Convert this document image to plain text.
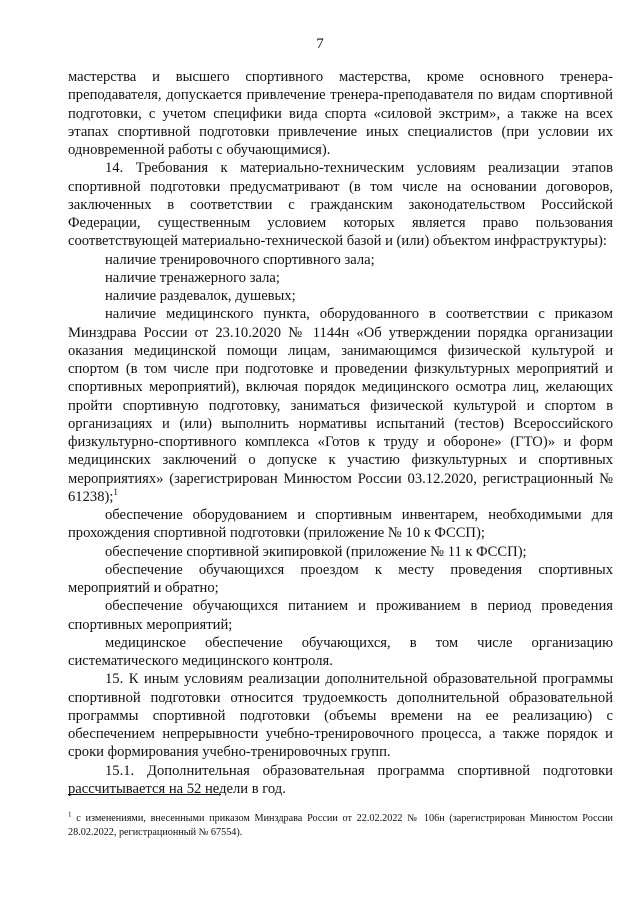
7

мастерства и высшего спортивного мастерства, кроме основного тренера-преподавателя, допускается привлечение тренера-преподавателя по видам спортивной подготовки, с учетом специфики вида спорта «силовой экстрим», а также на всех этапах спортивной подготовки привлечение иных специалистов (при условии их одновременной работы с обучающимися).

14. Требования к материально-техническим условиям реализации этапов спортивной подготовки предусматривают (в том числе на основании договоров, заключенных в соответствии с гражданским законодательством Российской Федерации, существенным условием которых является право пользования соответствующей материально-технической базой и (или) объектом инфраструктуры):

наличие тренировочного спортивного зала;

наличие тренажерного зала;

наличие раздевалок, душевых;

наличие медицинского пункта, оборудованного в соответствии с приказом Минздрава России от 23.10.2020 № 1144н «Об утверждении порядка организации оказания медицинской помощи лицам, занимающимся физической культурой и спортом (в том числе при подготовке и проведении физкультурных мероприятий и спортивных мероприятий), включая порядок медицинского осмотра лиц, желающих пройти спортивную подготовку, заниматься физической культурой и спортом в организациях и (или) выполнить нормативы испытаний (тестов) Всероссийского физкультурно-спортивного комплекса «Готов к труду и обороне» (ГТО)» и форм медицинских заключений о допуске к участию физкультурных и спортивных мероприятиях» (зарегистрирован Минюстом России 03.12.2020, регистрационный № 61238);$^1$

обеспечение оборудованием и спортивным инвентарем, необходимыми для прохождения спортивной подготовки (приложение № 10 к ФССП);

обеспечение спортивной экипировкой (приложение № 11 к ФССП);

обеспечение обучающихся проездом к месту проведения спортивных мероприятий и обратно;

обеспечение обучающихся питанием и проживанием в период проведения спортивных мероприятий;

медицинское обеспечение обучающихся, в том числе организацию систематического медицинского контроля.

15. К иным условиям реализации дополнительной образовательной программы спортивной подготовки относится трудоемкость дополнительной образовательной программы спортивной подготовки (объемы времени на ее реализацию) с обеспечением непрерывности учебно-тренировочного процесса, а также порядок и сроки формирования учебно-тренировочных групп.

15.1. Дополнительная образовательная программа спортивной подготовки рассчитывается на 52 недели в год.

$^1$ с изменениями, внесенными приказом Минздрава России от 22.02.2022 № 106н (зарегистрирован Минюстом России 28.02.2022, регистрационный № 67554).
